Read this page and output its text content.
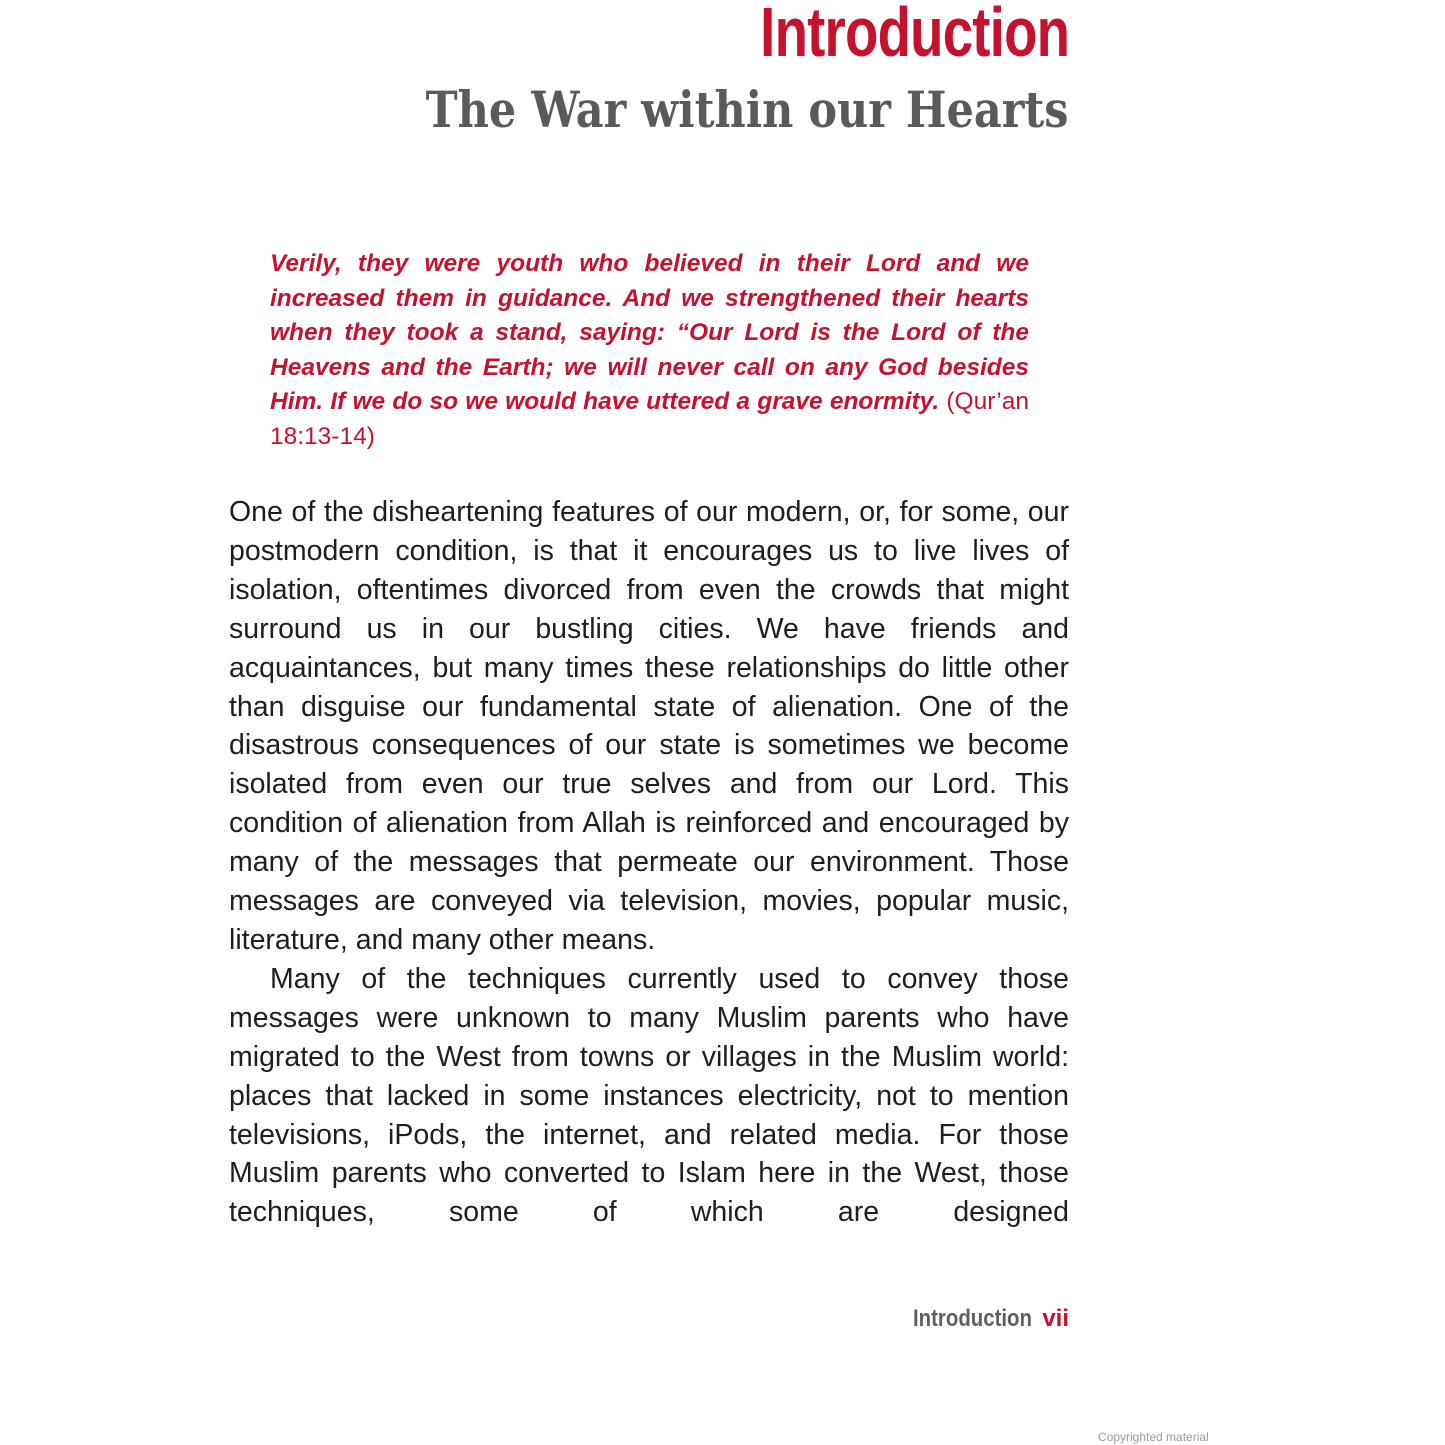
Introduction
The War within our Hearts
Verily, they were youth who believed in their Lord and we increased them in guidance. And we strengthened their hearts when they took a stand, saying: “Our Lord is the Lord of the Heavens and the Earth; we will never call on any God besides Him. If we do so we would have uttered a grave enormity. (Qur’an 18:13-14)

One of the disheartening features of our modern, or, for some, our postmodern condition, is that it encourages us to live lives of isolation, oftentimes divorced from even the crowds that might surround us in our bustling cities. We have friends and acquaintances, but many times these relationships do little other than disguise our fundamental state of alienation. One of the disastrous consequences of our state is sometimes we become isolated from even our true selves and from our Lord. This condition of alienation from Allah is reinforced and encouraged by many of the messages that permeate our environment. Those messages are conveyed via television, movies, popular music, literature, and many other means.

Many of the techniques currently used to convey those messages were unknown to many Muslim parents who have migrated to the West from towns or villages in the Muslim world: places that lacked in some instances electricity, not to mention televisions, iPods, the internet, and related media. For those Muslim parents who converted to Islam here in the West, those techniques, some of which are designed

Introduction vii
Copyrighted material
